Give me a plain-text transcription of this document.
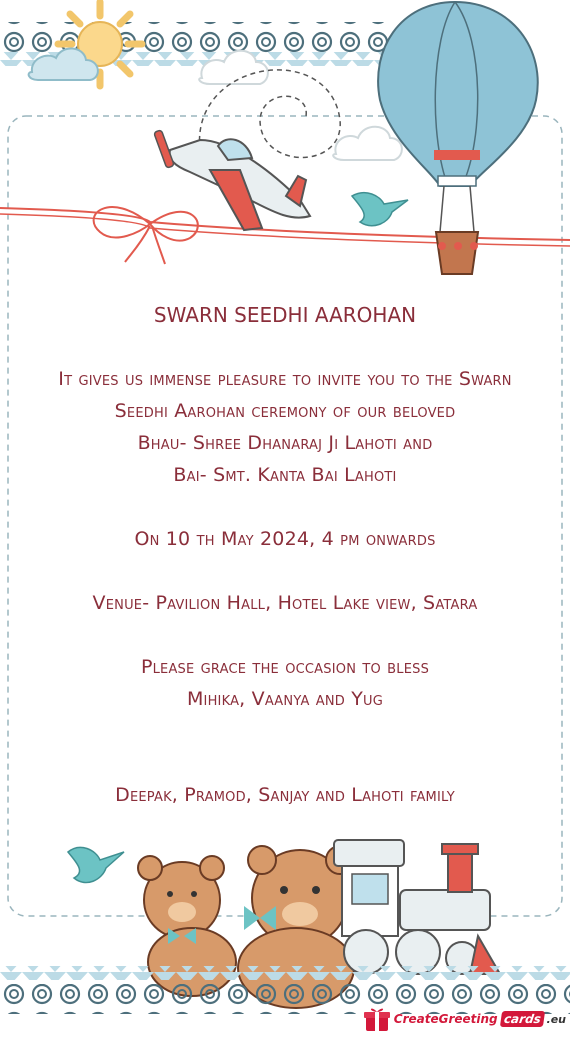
SWARN SEEDHI AAROHAN
It gives us immense pleasure to invite you to the Swarn
Seedhi Aarohan ceremony of our beloved
Bhau- Shree Dhanaraj Ji Lahoti and
Bai- Smt. Kanta Bai Lahoti
On 10 th May 2024, 4 pm onwards
Venue- Pavilion Hall, Hotel Lake view, Satara
Please grace the occasion to bless
Mihika, Vaanya and Yug
Deepak, Pramod, Sanjay and Lahoti family
CreateGreeting cards .eu
